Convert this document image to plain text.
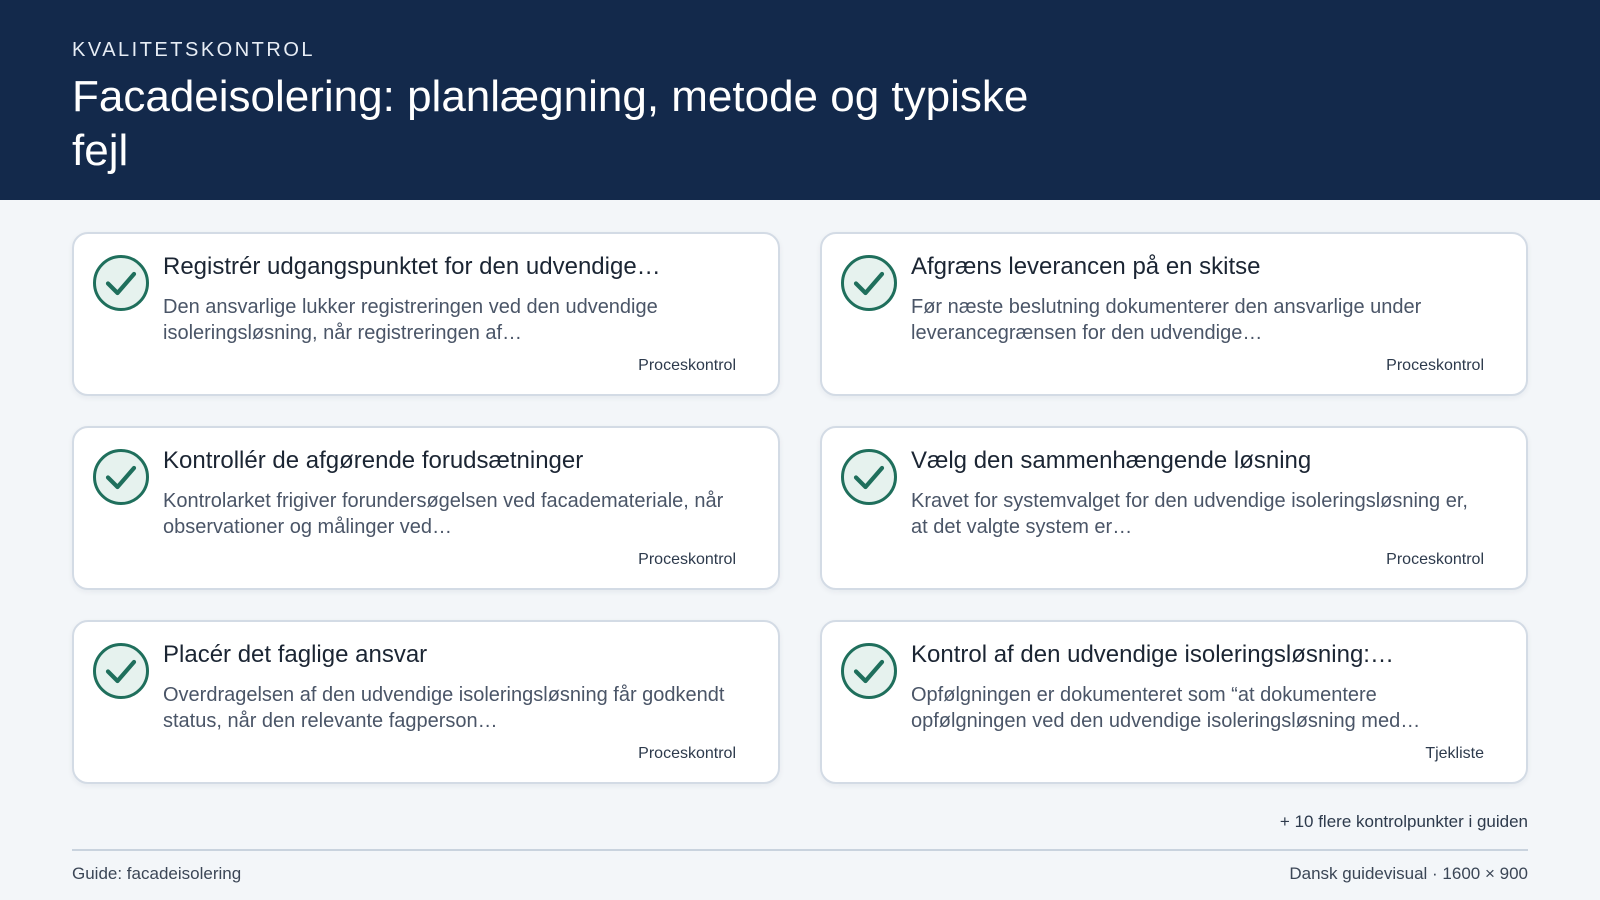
KVALITETSKONTROL
Facadeisolering: planlægning, metode og typiske fejl
Registrér udgangspunktet for den udvendige…
Den ansvarlige lukker registreringen ved den udvendige isoleringsløsning, når registreringen af…
Proceskontrol
Afgræns leverancen på en skitse
Før næste beslutning dokumenterer den ansvarlige under leverancegrænsen for den udvendige…
Proceskontrol
Kontrollér de afgørende forudsætninger
Kontrolarket frigiver forundersøgelsen ved facademateriale, når observationer og målinger ved…
Proceskontrol
Vælg den sammenhængende løsning
Kravet for systemvalget for den udvendige isoleringsløsning er, at det valgte system er…
Proceskontrol
Placér det faglige ansvar
Overdragelsen af den udvendige isoleringsløsning får godkendt status, når den relevante fagperson…
Proceskontrol
Kontrol af den udvendige isoleringsløsning:…
Opfølgningen er dokumenteret som “at dokumentere opfølgningen ved den udvendige isoleringsløsning med…
Tjekliste
+ 10 flere kontrolpunkter i guiden
Guide: facadeisolering	Dansk guidevisual · 1600 × 900
